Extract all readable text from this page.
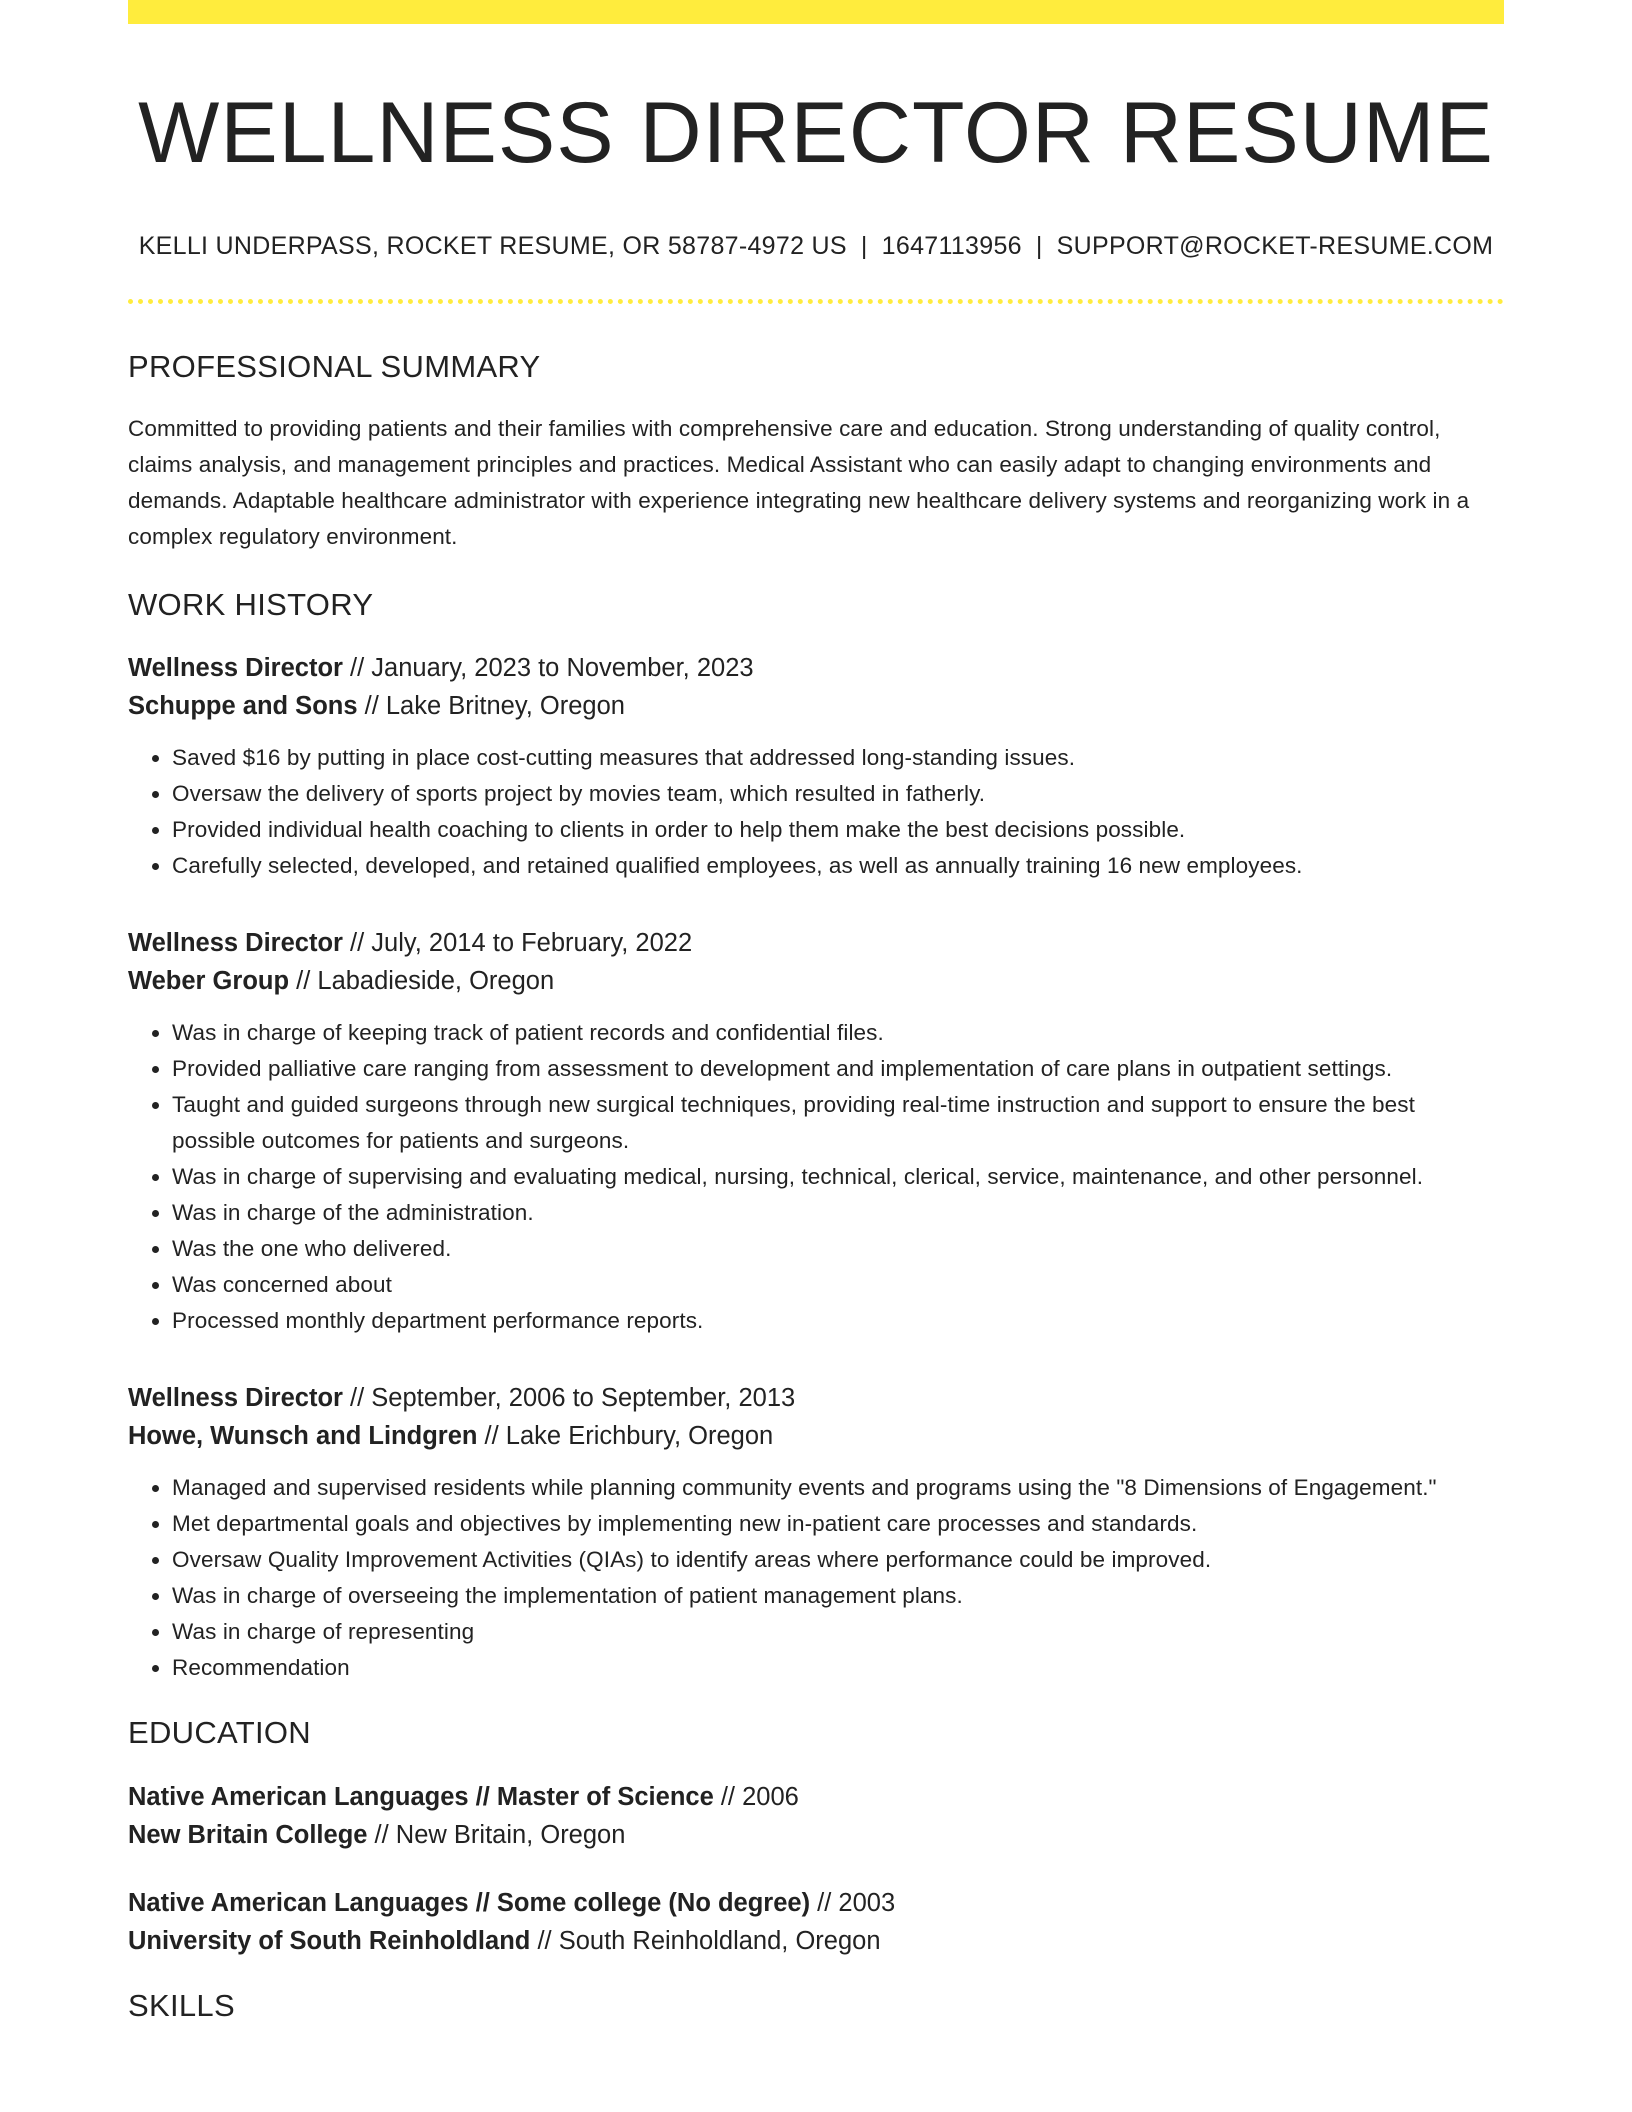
WELLNESS DIRECTOR RESUME
KELLI UNDERPASS, ROCKET RESUME, OR 58787-4972 US | 1647113956 | SUPPORT@ROCKET-RESUME.COM
PROFESSIONAL SUMMARY

Committed to providing patients and their families with comprehensive care and education. Strong understanding of quality control, claims analysis, and management principles and practices. Medical Assistant who can easily adapt to changing environments and demands. Adaptable healthcare administrator with experience integrating new healthcare delivery systems and reorganizing work in a complex regulatory environment.

WORK HISTORY
Wellness Director // January, 2023 to November, 2023
Schuppe and Sons // Lake Britney, Oregon
• Saved $16 by putting in place cost-cutting measures that addressed long-standing issues.
• Oversaw the delivery of sports project by movies team, which resulted in fatherly.
• Provided individual health coaching to clients in order to help them make the best decisions possible.
• Carefully selected, developed, and retained qualified employees, as well as annually training 16 new employees.
Wellness Director // July, 2014 to February, 2022
Weber Group // Labadieside, Oregon
• Was in charge of keeping track of patient records and confidential files.
• Provided palliative care ranging from assessment to development and implementation of care plans in outpatient settings.
• Taught and guided surgeons through new surgical techniques, providing real-time instruction and support to ensure the best possible outcomes for patients and surgeons.
• Was in charge of supervising and evaluating medical, nursing, technical, clerical, service, maintenance, and other personnel.
• Was in charge of the administration.
• Was the one who delivered.
• Was concerned about
• Processed monthly department performance reports.
Wellness Director // September, 2006 to September, 2013
Howe, Wunsch and Lindgren // Lake Erichbury, Oregon
• Managed and supervised residents while planning community events and programs using the "8 Dimensions of Engagement."
• Met departmental goals and objectives by implementing new in-patient care processes and standards.
• Oversaw Quality Improvement Activities (QIAs) to identify areas where performance could be improved.
• Was in charge of overseeing the implementation of patient management plans.
• Was in charge of representing
• Recommendation
EDUCATION
Native American Languages // Master of Science // 2006
New Britain College // New Britain, Oregon
Native American Languages // Some college (No degree) // 2003
University of South Reinholdland // South Reinholdland, Oregon
SKILLS
